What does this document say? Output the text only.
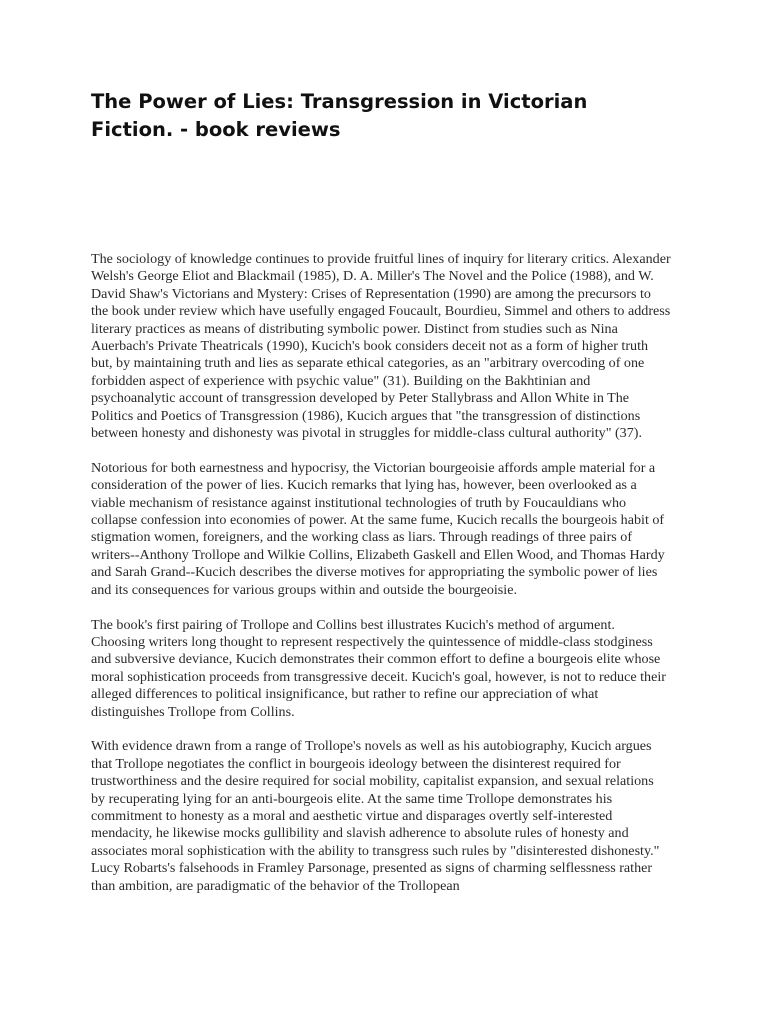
The Power of Lies: Transgression in Victorian Fiction. - book reviews

The sociology of knowledge continues to provide fruitful lines of inquiry for literary critics. Alexander Welsh's George Eliot and Blackmail (1985), D. A. Miller's The Novel and the Police (1988), and W. David Shaw's Victorians and Mystery: Crises of Representation (1990) are among the precursors to the book under review which have usefully engaged Foucault, Bourdieu, Simmel and others to address literary practices as means of distributing symbolic power. Distinct from studies such as Nina Auerbach's Private Theatricals (1990), Kucich's book considers deceit not as a form of higher truth but, by maintaining truth and lies as separate ethical categories, as an "arbitrary overcoding of one forbidden aspect of experience with psychic value" (31). Building on the Bakhtinian and psychoanalytic account of transgression developed by Peter Stallybrass and Allon White in The Politics and Poetics of Transgression (1986), Kucich argues that "the transgression of distinctions between honesty and dishonesty was pivotal in struggles for middle-class cultural authority" (37).

Notorious for both earnestness and hypocrisy, the Victorian bourgeoisie affords ample material for a consideration of the power of lies. Kucich remarks that lying has, however, been overlooked as a viable mechanism of resistance against institutional technologies of truth by Foucauldians who collapse confession into economies of power. At the same fume, Kucich recalls the bourgeois habit of stigmation women, foreigners, and the working class as liars. Through readings of three pairs of writers--Anthony Trollope and Wilkie Collins, Elizabeth Gaskell and Ellen Wood, and Thomas Hardy and Sarah Grand--Kucich describes the diverse motives for appropriating the symbolic power of lies and its consequences for various groups within and outside the bourgeoisie.

The book's first pairing of Trollope and Collins best illustrates Kucich's method of argument. Choosing writers long thought to represent respectively the quintessence of middle-class stodginess and subversive deviance, Kucich demonstrates their common effort to define a bourgeois elite whose moral sophistication proceeds from transgressive deceit. Kucich's goal, however, is not to reduce their alleged differences to political insignificance, but rather to refine our appreciation of what distinguishes Trollope from Collins.

With evidence drawn from a range of Trollope's novels as well as his autobiography, Kucich argues that Trollope negotiates the conflict in bourgeois ideology between the disinterest required for trustworthiness and the desire required for social mobility, capitalist expansion, and sexual relations by recuperating lying for an anti-bourgeois elite. At the same time Trollope demonstrates his commitment to honesty as a moral and aesthetic virtue and disparages overtly self-interested mendacity, he likewise mocks gullibility and slavish adherence to absolute rules of honesty and associates moral sophistication with the ability to transgress such rules by "disinterested dishonesty." Lucy Robarts's falsehoods in Framley Parsonage, presented as signs of charming selflessness rather than ambition, are paradigmatic of the behavior of the Trollopean
